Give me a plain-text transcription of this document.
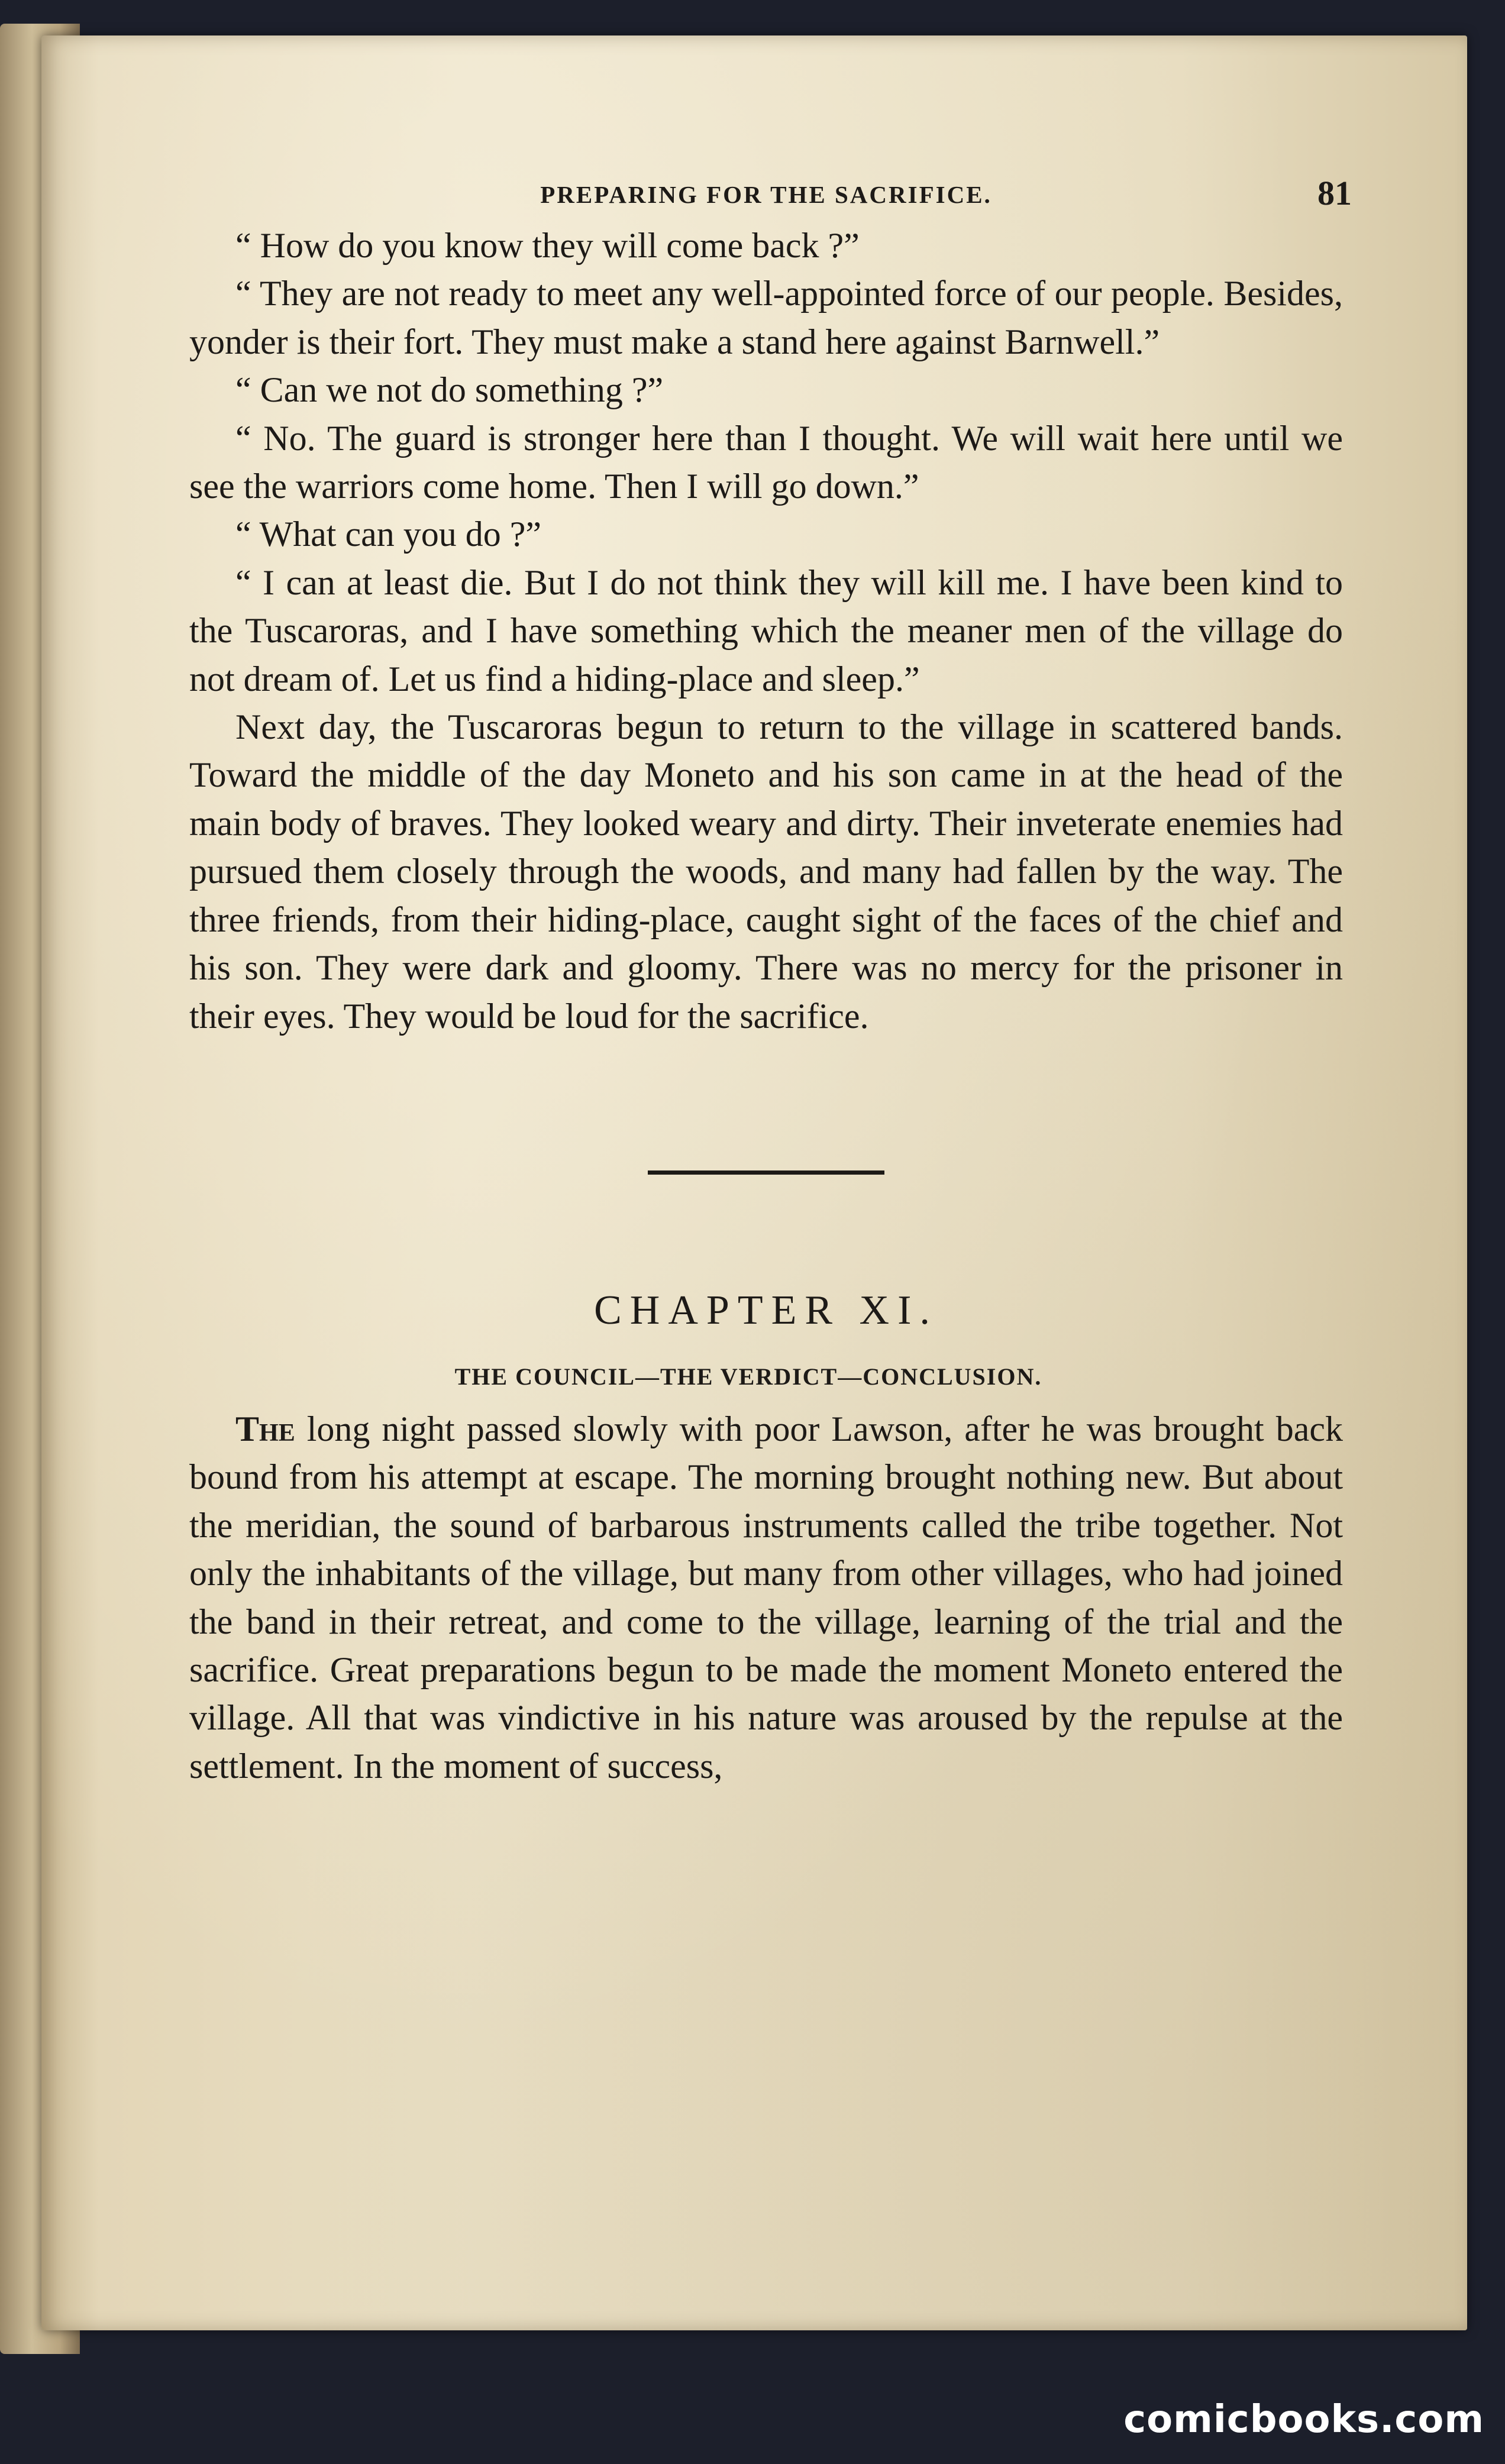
PREPARING FOR THE SACRIFICE.	81

“ How do you know they will come back ?”

“ They are not ready to meet any well-appointed force of our people. Besides, yonder is their fort. They must make a stand here against Barnwell.”

“ Can we not do something ?”

“ No. The guard is stronger here than I thought. We will wait here until we see the warriors come home. Then I will go down.”

“ What can you do ?”

“ I can at least die. But I do not think they will kill me. I have been kind to the Tuscaroras, and I have something which the meaner men of the village do not dream of. Let us find a hiding-place and sleep.”

Next day, the Tuscaroras begun to return to the village in scattered bands. Toward the middle of the day Moneto and his son came in at the head of the main body of braves. They looked weary and dirty. Their inveterate enemies had pursued them closely through the woods, and many had fallen by the way. The three friends, from their hiding-place, caught sight of the faces of the chief and his son. They were dark and gloomy. There was no mercy for the prisoner in their eyes. They would be loud for the sacrifice.

CHAPTER XI.
THE COUNCIL—THE VERDICT—CONCLUSION.

The long night passed slowly with poor Lawson, after he was brought back bound from his attempt at escape. The morning brought nothing new. But about the meridian, the sound of barbarous instruments called the tribe together. Not only the inhabitants of the village, but many from other villages, who had joined the band in their retreat, and come to the village, learning of the trial and the sacrifice. Great preparations begun to be made the moment Moneto entered the village. All that was vindictive in his nature was aroused by the repulse at the settlement. In the moment of success,

comicbooks.com
